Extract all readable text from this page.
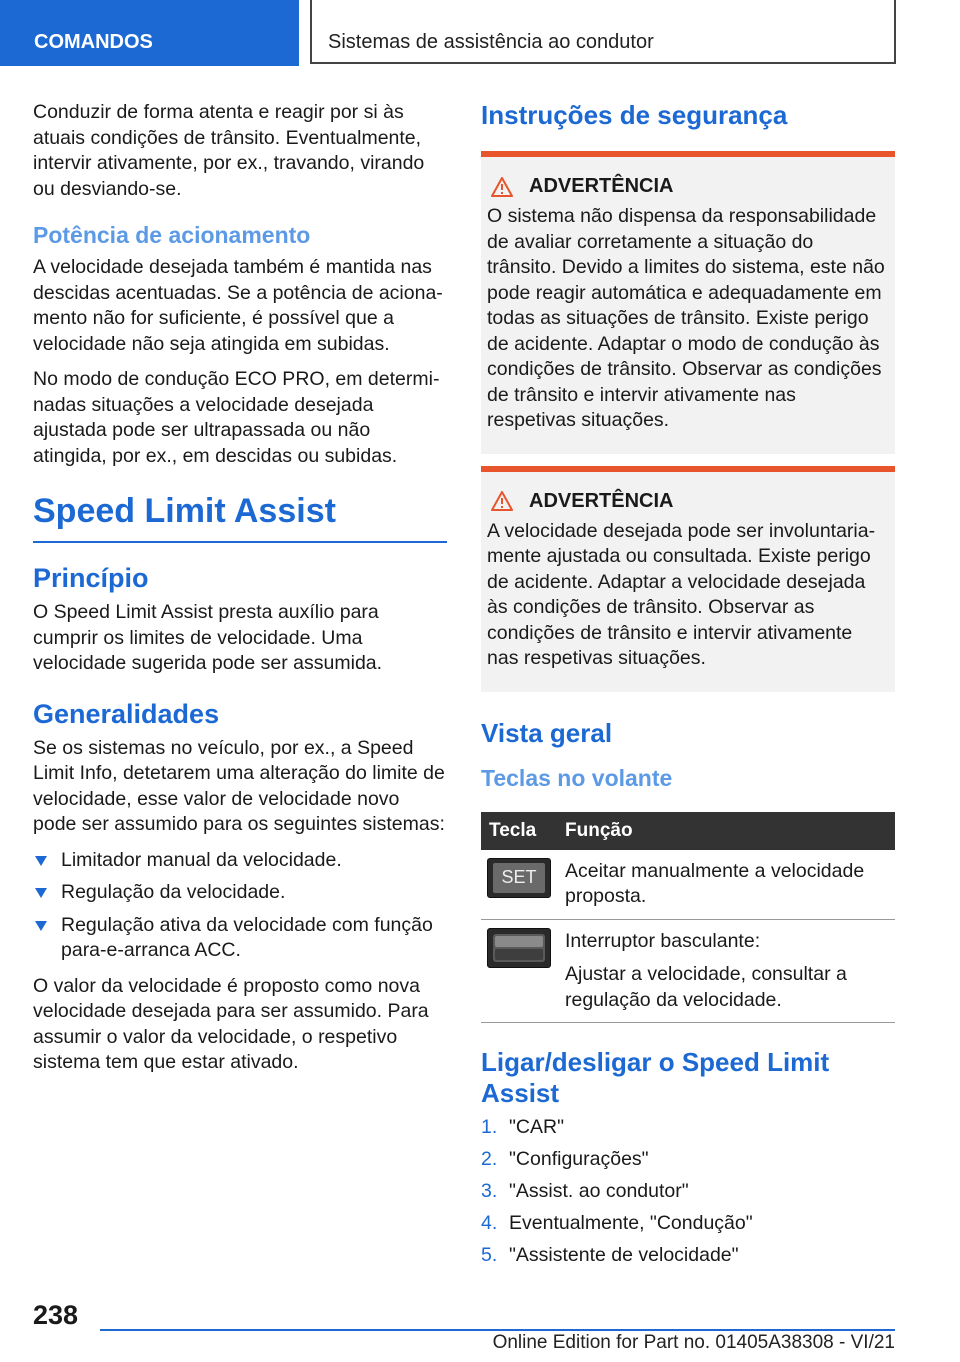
COMANDOS	Sistemas de assistência ao condutor

Conduzir de forma atenta e reagir por si às atuais condições de trânsito. Eventualmente, intervir ativamente, por ex., travando, virando ou desviando-se.

Potência de acionamento

A velocidade desejada também é mantida nas descidas acentuadas. Se a potência de acionamento não for suficiente, é possível que a velocidade não seja atingida em subidas.

No modo de condução ECO PRO, em determinadas situações a velocidade desejada ajustada pode ser ultrapassada ou não atingida, por ex., em descidas ou subidas.

Speed Limit Assist
Princípio

O Speed Limit Assist presta auxílio para cumprir os limites de velocidade. Uma velocidade sugerida pode ser assumida.

Generalidades

Se os sistemas no veículo, por ex., a Speed Limit Info, detetarem uma alteração do limite de velocidade, esse valor de velocidade novo pode ser assumido para os seguintes sistemas:

Limitador manual da velocidade.
Regulação da velocidade.
Regulação ativa da velocidade com função para-e-arranca ACC.

O valor da velocidade é proposto como nova velocidade desejada para ser assumido. Para assumir o valor da velocidade, o respetivo sistema tem que estar ativado.

Instruções de segurança
ADVERTÊNCIA

O sistema não dispensa da responsabilidade de avaliar corretamente a situação do trânsito. Devido a limites do sistema, este não pode reagir automática e adequadamente em todas as situações de trânsito. Existe perigo de acidente. Adaptar o modo de condução às condições de trânsito. Observar as condições de trânsito e intervir ativamente nas respetivas situações.

ADVERTÊNCIA

A velocidade desejada pode ser involuntariamente ajustada ou consultada. Existe perigo de acidente. Adaptar a velocidade desejada às condições de trânsito. Observar as condições de trânsito e intervir ativamente nas respetivas situações.

Vista geral
Teclas no volante
Tecla	Função

SET	Aceitar manualmente a velocidade proposta.

Interruptor basculante:
Ajustar a velocidade, consultar a regulação da velocidade.
Ligar/desligar o Speed Limit Assist
1. "CAR"
2. "Configurações"
3. "Assist. ao condutor"
4. Eventualmente, "Condução"
5. "Assistente de velocidade"
238
Online Edition for Part no. 01405A38308 - VI/21
